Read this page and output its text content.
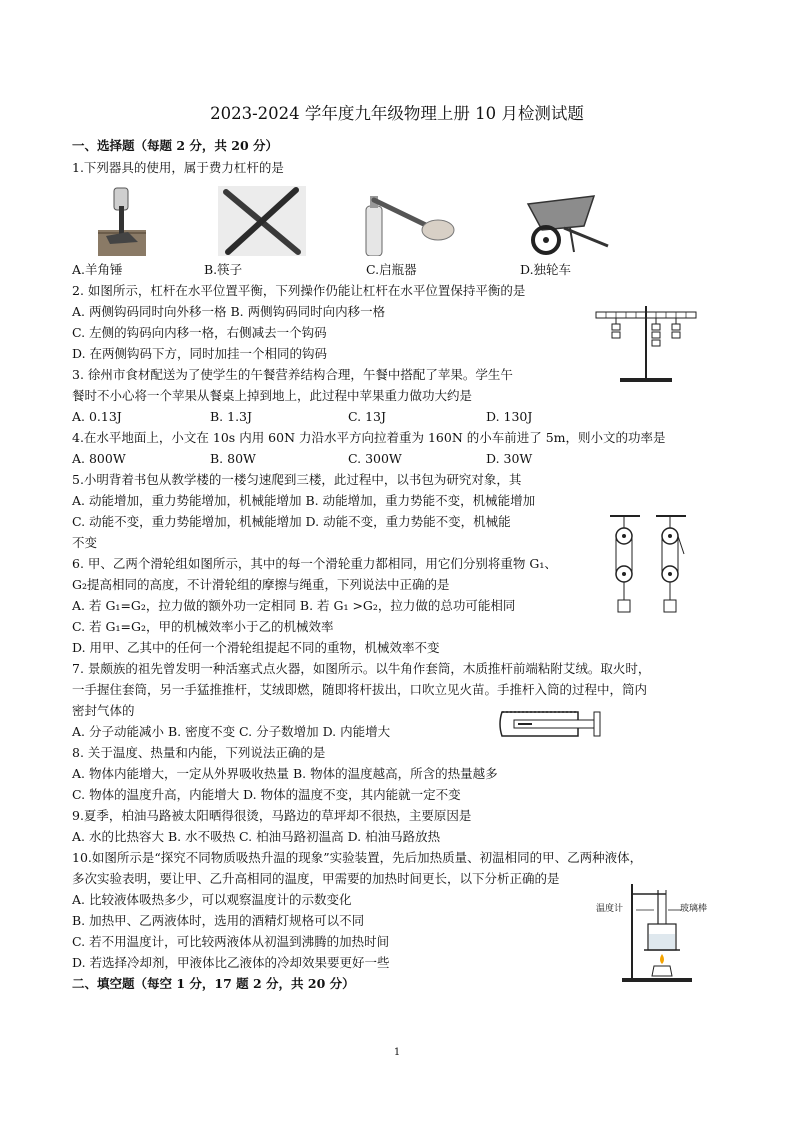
2023-2024 学年度九年级物理上册 10 月检测试题
一、选择题（每题 2 分，共 20 分）
1.下列器具的使用，属于费力杠杆的是
A.羊角锤	B.筷子	C.启瓶器	D.独轮车
2. 如图所示，杠杆在水平位置平衡，下列操作仍能让杠杆在水平位置保持平衡的是
A. 两侧钩码同时向外移一格 B. 两侧钩码同时向内移一格
C. 左侧的钩码向内移一格，右侧减去一个钩码
D. 在两侧钩码下方，同时加挂一个相同的钩码
3. 徐州市食材配送为了使学生的午餐营养结构合理，午餐中搭配了苹果。学生午
餐时不小心将一个苹果从餐桌上掉到地上，此过程中苹果重力做功大约是
A. 0.13J	B. 1.3J	C. 13J	D. 130J
4.在水平地面上，小文在 10s 内用 60N 力沿水平方向拉着重为 160N 的小车前进了 5m，则小文的功率是
A. 800W	B. 80W	C. 300W	D. 30W
5.小明背着书包从教学楼的一楼匀速爬到三楼，此过程中，以书包为研究对象，其
A. 动能增加，重力势能增加，机械能增加 B. 动能增加，重力势能不变，机械能增加
C. 动能不变，重力势能增加，机械能增加 D. 动能不变，重力势能不变，机械能
不变
6. 甲、乙两个滑轮组如图所示，其中的每一个滑轮重力都相同，用它们分别将重物 G₁、
G₂提高相同的高度，不计滑轮组的摩擦与绳重，下列说法中正确的是
A. 若 G₁=G₂，拉力做的额外功一定相同 B. 若 G₁ >G₂，拉力做的总功可能相同
C. 若 G₁=G₂，甲的机械效率小于乙的机械效率
D. 用甲、乙其中的任何一个滑轮组提起不同的重物，机械效率不变
7. 景颇族的祖先曾发明一种活塞式点火器，如图所示。以牛角作套筒，木质推杆前端粘附艾绒。取火时，
一手握住套筒，另一手猛推推杆，艾绒即燃，随即将杆拔出，口吹立见火苗。手推杆入筒的过程中，筒内
密封气体的
A. 分子动能减小 B. 密度不变 C. 分子数增加 D. 内能增大
8. 关于温度、热量和内能，下列说法正确的是
A. 物体内能增大，一定从外界吸收热量 B. 物体的温度越高，所含的热量越多
C. 物体的温度升高，内能增大 D. 物体的温度不变，其内能就一定不变
9.夏季，柏油马路被太阳晒得很烫，马路边的草坪却不很热，主要原因是
A. 水的比热容大 B. 水不吸热 C. 柏油马路初温高 D. 柏油马路放热
10.如图所示是“探究不同物质吸热升温的现象”实验装置，先后加热质量、初温相同的甲、乙两种液体，
多次实验表明，要让甲、乙升高相同的温度，甲需要的加热时间更长，以下分析正确的是
A. 比较液体吸热多少，可以观察温度计的示数变化
B. 加热甲、乙两液体时，选用的酒精灯规格可以不同
C. 若不用温度计，可比较两液体从初温到沸腾的加热时间
D. 若选择冷却剂，甲液体比乙液体的冷却效果要更好一些
温度计	玻璃棒
二、填空题（每空 1 分，17 题 2 分，共 20 分）
1
